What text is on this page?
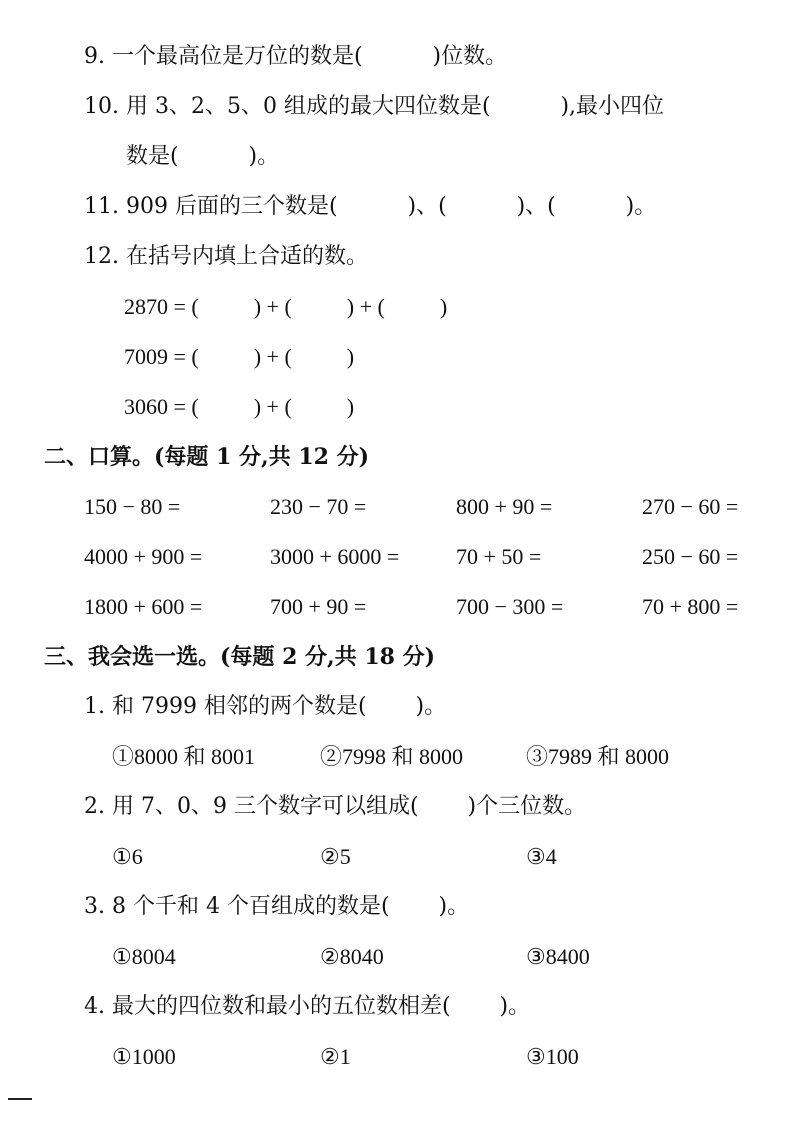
9. 一个最高位是万位的数是(          )位数。
10. 用 3、2、5、0 组成的最大四位数是(          ),最小四位
数是(          )。
11. 909 后面的三个数是(          )、(          )、(          )。
12. 在括号内填上合适的数。
2870 = (          ) + (          ) + (          )
7009 = (          ) + (          )
3060 = (          ) + (          )
二、口算。(每题 1 分,共 12 分)
150 − 80 =	230 − 70 =	800 + 90 =	270 − 60 =
4000 + 900 =	3000 + 6000 =	70 + 50 =	250 − 60 =
1800 + 600 =	700 + 90 =	700 − 300 =	70 + 800 =
三、我会选一选。(每题 2 分,共 18 分)
1. 和 7999 相邻的两个数是(       )。
①8000 和 8001	②7998 和 8000	③7989 和 8000
2. 用 7、0、9 三个数字可以组成(       )个三位数。
①6	②5	③4
3. 8 个千和 4 个百组成的数是(       )。
①8004	②8040	③8400
4. 最大的四位数和最小的五位数相差(       )。
①1000	②1	③100
